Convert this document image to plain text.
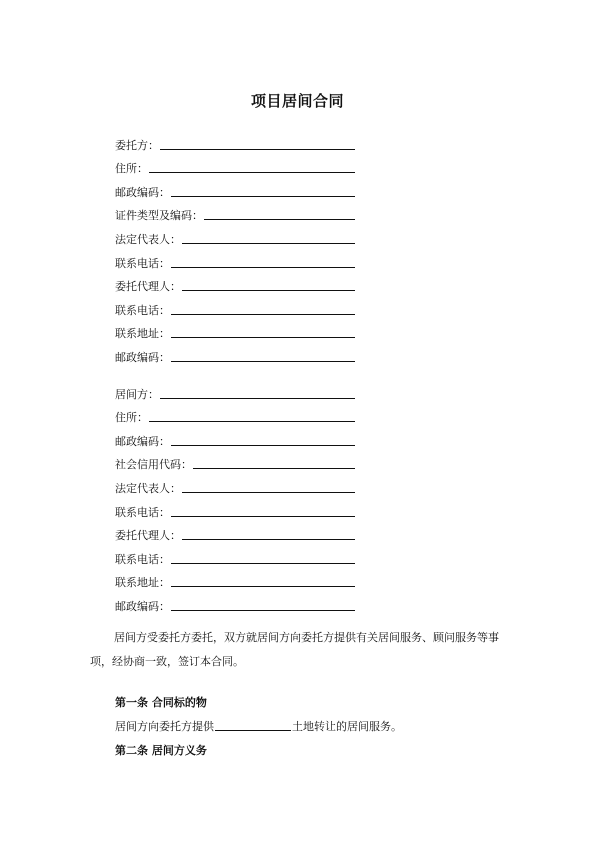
项目居间合同
委托方：
住所：
邮政编码：
证件类型及编码：
法定代表人：
联系电话：
委托代理人：
联系电话：
联系地址：
邮政编码：
居间方：
住所：
邮政编码：
社会信用代码：
法定代表人：
联系电话：
委托代理人：
联系电话：
联系地址：
邮政编码：
居间方受委托方委托，双方就居间方向委托方提供有关居间服务、顾问服务等事项，经协商一致，签订本合同。
第一条 合同标的物
居间方向委托方提供	土地转让的居间服务。
第二条 居间方义务
